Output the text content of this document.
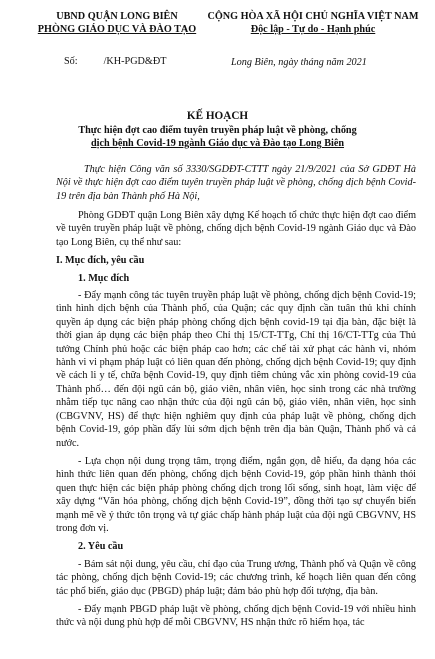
UBND QUẬN LONG BIÊN
PHÒNG GIÁO DỤC VÀ ĐÀO TẠO
CỘNG HÒA XÃ HỘI CHỦ NGHĨA VIỆT NAM
Độc lập - Tự do - Hạnh phúc
Số:	/KH-PGD&ĐT	Long Biên, ngày tháng năm 2021
KẾ HOẠCH
Thực hiện đợt cao điểm tuyên truyền pháp luật về phòng, chống
dịch bệnh Covid-19 ngành Giáo dục và Đào tạo Long Biên
Thực hiện Công văn số 3330/SGDĐT-CTTT ngày 21/9/2021 của Sở GDĐT Hà Nội về thực hiện đợt cao điểm tuyên truyền pháp luật về phòng, chống dịch bệnh Covid-19 trên địa bàn Thành phố Hà Nội,

Phòng GDĐT quận Long Biên xây dựng Kế hoạch tổ chức thực hiện đợt cao điểm về tuyên truyền pháp luật về phòng, chống dịch bệnh Covid-19 ngành Giáo dục và Đào tạo Long Biên, cụ thể như sau:

I. Mục đích, yêu cầu

1. Mục đích

- Đẩy mạnh công tác tuyên truyền pháp luật về phòng, chống dịch bệnh Covid-19; tình hình dịch bệnh của Thành phố, của Quận; các quy định cần tuân thủ khi chính quyền áp dụng các biện pháp phòng chống dịch bệnh covid-19 tại địa bàn, đặc biệt là thời gian áp dụng các biện pháp theo Chỉ thị 15/CT-TTg, Chỉ thị 16/CT-TTg của Thủ tướng Chính phủ hoặc các biện pháp cao hơn; các chế tài xử phạt các hành vi, nhóm hành vi vi phạm pháp luật có liên quan đến phòng, chống dịch bệnh Covid-19; quy định về cách li y tế, chữa bệnh Covid-19, quy định tiêm chủng vắc xin phòng covid-19 của Thành phố… đến đội ngũ cán bộ, giáo viên, nhân viên, học sinh trong các nhà trường nhằm tiếp tục nâng cao nhận thức của đội ngũ cán bộ, giáo viên, nhân viên, học sinh (CBGVNV, HS) để thực hiện nghiêm quy định của pháp luật về phòng, chống dịch bệnh Covid-19, góp phần đẩy lùi sớm dịch bệnh trên địa bàn Quận, Thành phố và cả nước.

- Lựa chọn nội dung trọng tâm, trọng điểm, ngắn gọn, dễ hiểu, đa dạng hóa các hình thức liên quan đến phòng, chống dịch bệnh Covid-19, góp phần hình thành thói quen thực hiện các biện pháp phòng chống dịch trong lối sống, sinh hoạt, làm việc để xây dựng “Văn hóa phòng, chống dịch bệnh Covid-19”, đồng thời tạo sự chuyển biến mạnh mẽ về ý thức tôn trọng và tự giác chấp hành pháp luật của đội ngũ CBGVNV, HS trong đơn vị.

2. Yêu cầu

- Bám sát nội dung, yêu cầu, chỉ đạo của Trung ương, Thành phố và Quận về công tác phòng, chống dịch bệnh Covid-19; các chương trình, kế hoạch liên quan đến công tác phổ biến, giáo dục (PBGD) pháp luật; đảm bảo phù hợp đối tượng, địa bàn.

- Đẩy mạnh PBGD pháp luật về phòng, chống dịch bệnh Covid-19 với nhiều hình thức và nội dung phù hợp để mỗi CBGVNV, HS nhận thức rõ hiểm họa, tác
